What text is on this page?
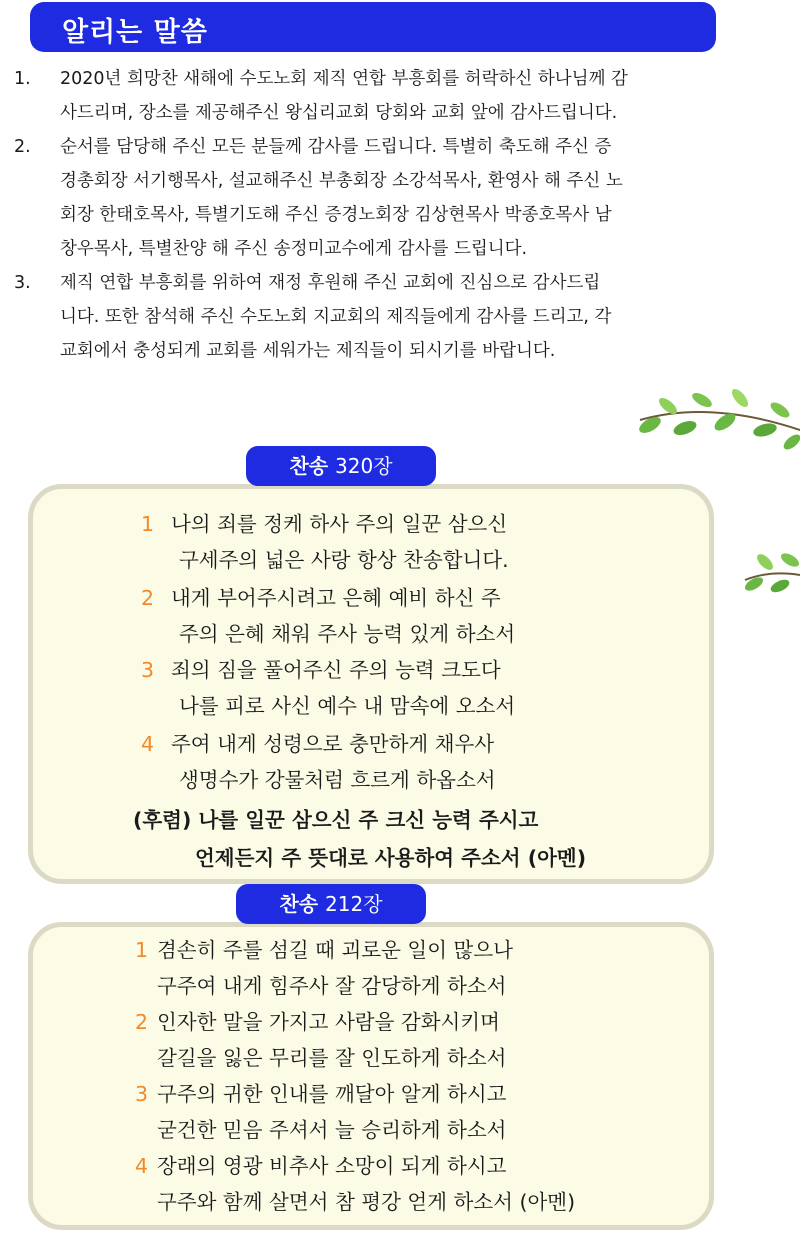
알리는 말씀

1. 2020년 희망찬 새해에 수도노회 제직 연합 부흥회를 허락하신 하나님께 감
사드리며, 장소를 제공해주신 왕십리교회 당회와 교회 앞에 감사드립니다.

2. 순서를 담당해 주신 모든 분들께 감사를 드립니다. 특별히 축도해 주신 증
경총회장 서기행목사, 설교해주신 부총회장 소강석목사, 환영사 해 주신 노
회장 한태호목사, 특별기도해 주신 증경노회장 김상현목사 박종호목사 남
창우목사, 특별찬양 해 주신 송정미교수에게 감사를 드립니다.

3. 제직 연합 부흥회를 위하여 재정 후원해 주신 교회에 진심으로 감사드립
니다. 또한 참석해 주신 수도노회 지교회의 제직들에게 감사를 드리고, 각
교회에서 충성되게 교회를 세워가는 제직들이 되시기를 바랍니다.

1 나의 죄를 정케 하사 주의 일꾼 삼으신
구세주의 넓은 사랑 항상 찬송합니다.
2 내게 부어주시려고 은혜 예비 하신 주
주의 은혜 채워 주사 능력 있게 하소서
3 죄의 짐을 풀어주신 주의 능력 크도다
나를 피로 사신 예수 내 맘속에 오소서
4 주여 내게 성령으로 충만하게 채우사
생명수가 강물처럼 흐르게 하옵소서
(후렴) 나를 일꾼 삼으신 주 크신 능력 주시고
언제든지 주 뜻대로 사용하여 주소서 (아멘)
찬송 320장
1 겸손히 주를 섬길 때 괴로운 일이 많으나
구주여 내게 힘주사 잘 감당하게 하소서
2 인자한 말을 가지고 사람을 감화시키며
갈길을 잃은 무리를 잘 인도하게 하소서
3 구주의 귀한 인내를 깨달아 알게 하시고
굳건한 믿음 주셔서 늘 승리하게 하소서
4 장래의 영광 비추사 소망이 되게 하시고
구주와 함께 살면서 참 평강 얻게 하소서 (아멘)
찬송 212장
